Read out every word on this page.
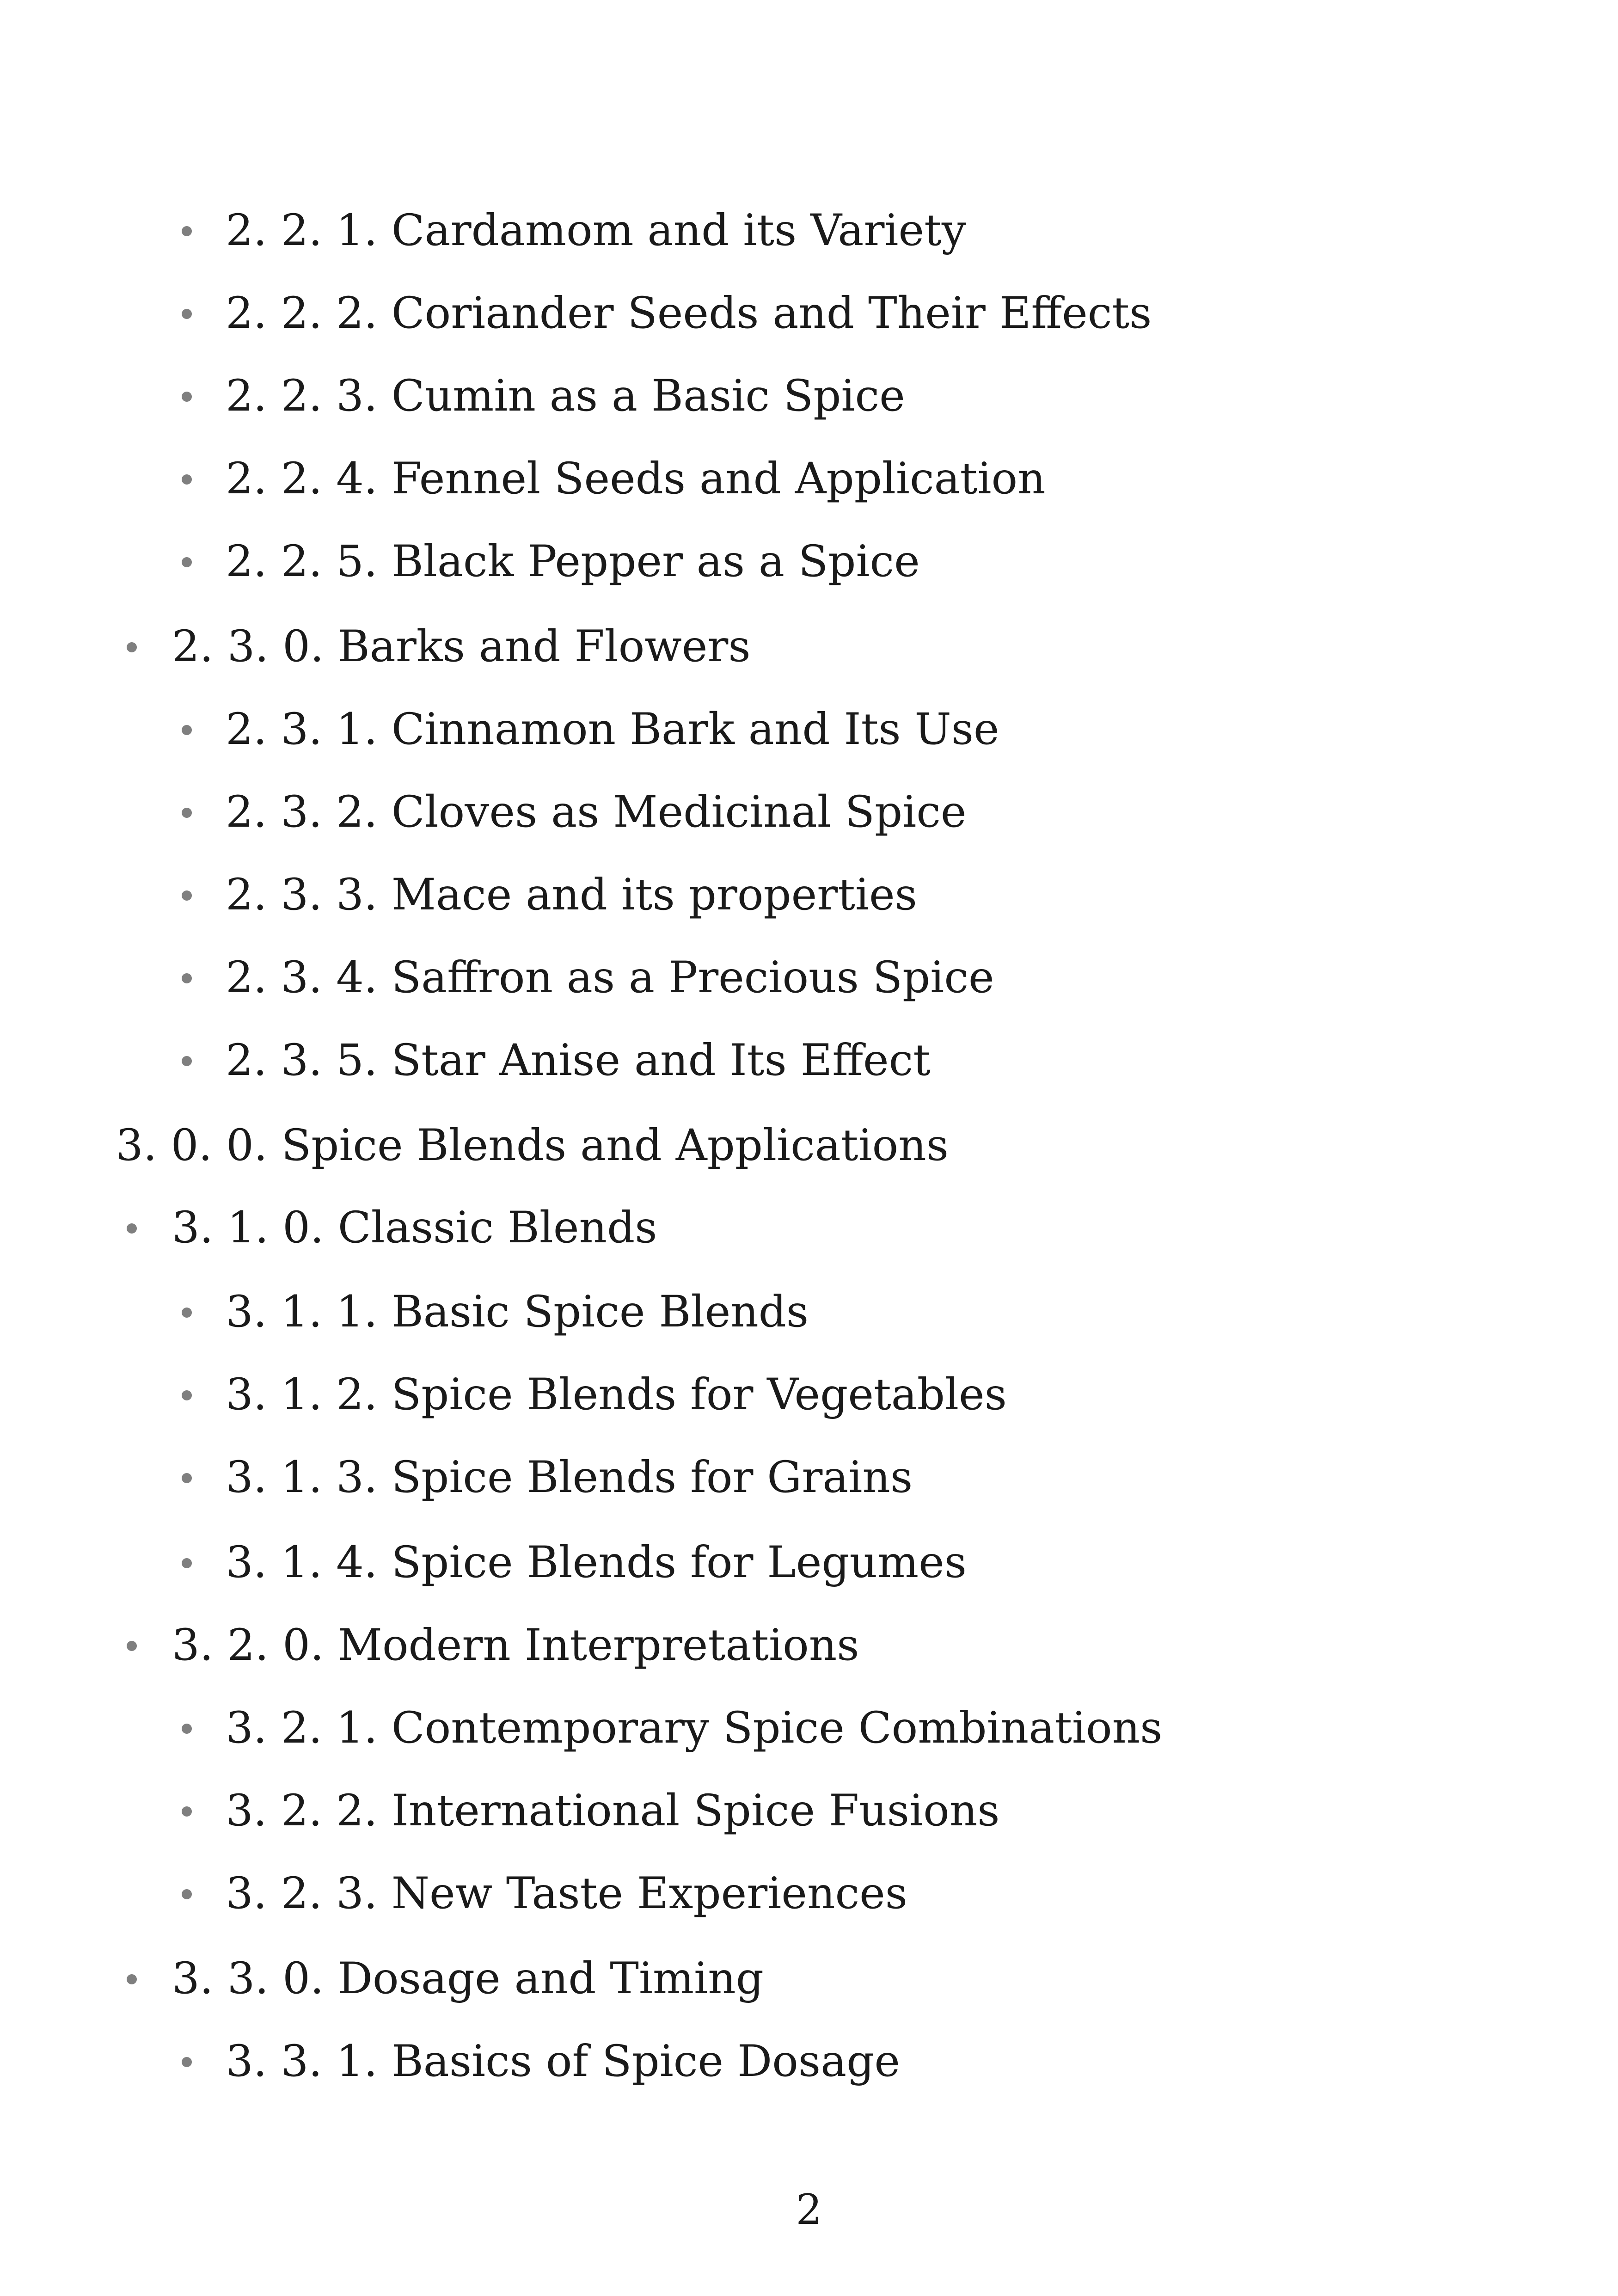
2. 2. 1. Cardamom and its Variety
2. 2. 2. Coriander Seeds and Their Effects
2. 2. 3. Cumin as a Basic Spice
2. 2. 4. Fennel Seeds and Application
2. 2. 5. Black Pepper as a Spice
2. 3. 0. Barks and Flowers
2. 3. 1. Cinnamon Bark and Its Use
2. 3. 2. Cloves as Medicinal Spice
2. 3. 3. Mace and its properties
2. 3. 4. Saffron as a Precious Spice
2. 3. 5. Star Anise and Its Effect
3. 0. 0. Spice Blends and Applications
3. 1. 0. Classic Blends
3. 1. 1. Basic Spice Blends
3. 1. 2. Spice Blends for Vegetables
3. 1. 3. Spice Blends for Grains
3. 1. 4. Spice Blends for Legumes
3. 2. 0. Modern Interpretations
3. 2. 1. Contemporary Spice Combinations
3. 2. 2. International Spice Fusions
3. 2. 3. New Taste Experiences
3. 3. 0. Dosage and Timing
3. 3. 1. Basics of Spice Dosage
2
